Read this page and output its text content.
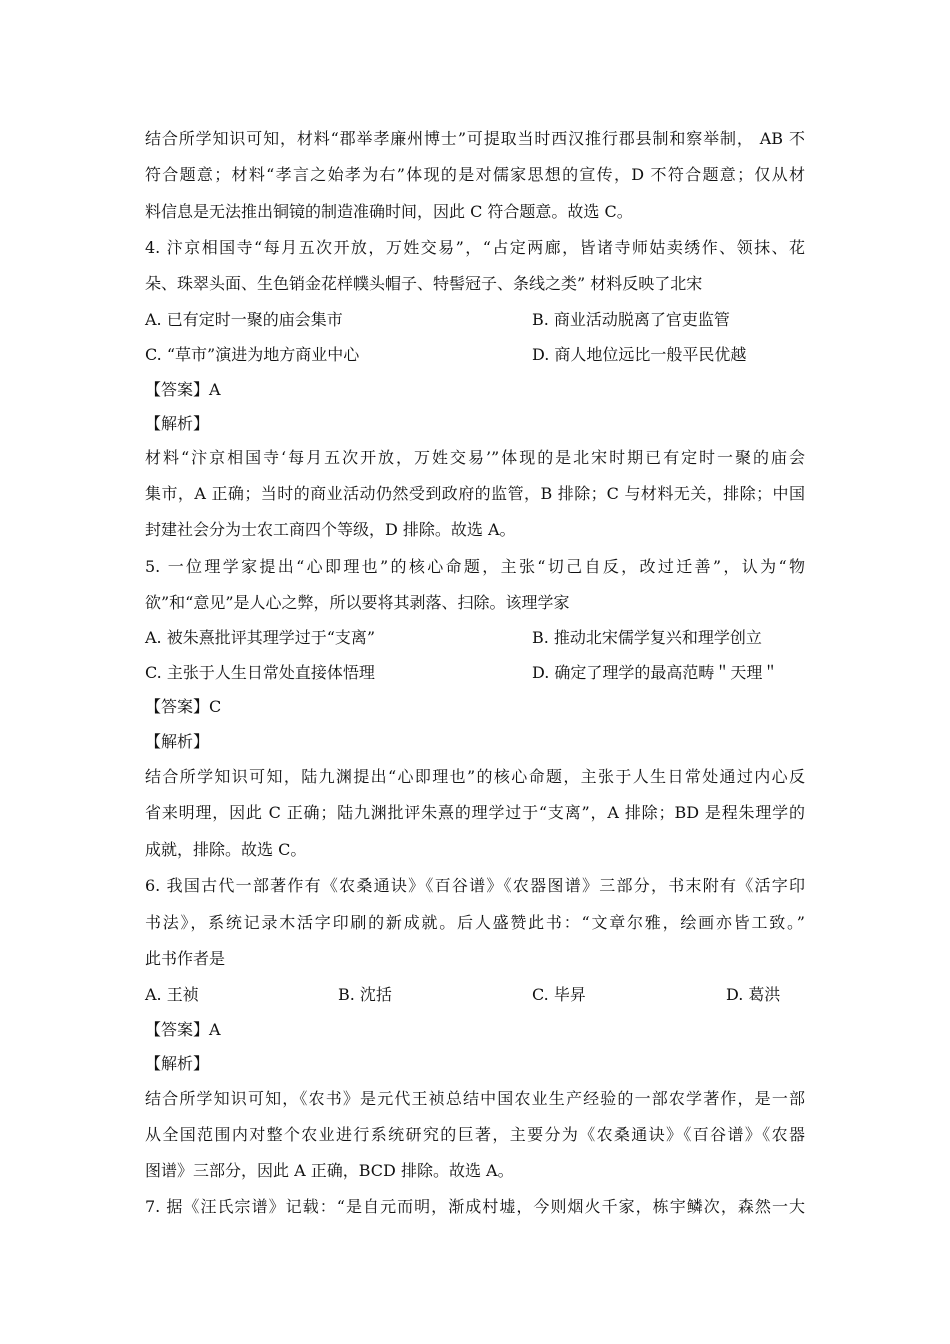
结合所学知识可知，材料“郡举孝廉州博士”可提取当时西汉推行郡县制和察举制， AB 不
符合题意；材料“孝言之始孝为右”体现的是对儒家思想的宣传，D 不符合题意；仅从材
料信息是无法推出铜镜的制造准确时间，因此 C 符合题意。故选 C。
4. 汴京相国寺“每月五次开放，万姓交易”，“占定两廊，皆诸寺师姑卖绣作、领抹、花
朵、珠翠头面、生色销金花样幞头帽子、特髻冠子、条线之类” 材料反映了北宋
A. 已有定时一聚的庙会集市	B. 商业活动脱离了官吏监管
C. “草市”演进为地方商业中心	D. 商人地位远比一般平民优越
【答案】A
【解析】
材料“汴京相国寺‘每月五次开放，万姓交易’”体现的是北宋时期已有定时一聚的庙会
集市，A 正确；当时的商业活动仍然受到政府的监管，B 排除；C 与材料无关，排除；中国
封建社会分为士农工商四个等级，D 排除。故选 A。
5. 一位理学家提出“心即理也”的核心命题，主张“切己自反，改过迁善”，认为“物
欲”和“意见”是人心之弊，所以要将其剥落、扫除。该理学家
A. 被朱熹批评其理学过于“支离”	B. 推动北宋儒学复兴和理学创立
C. 主张于人生日常处直接体悟理	D. 确定了理学的最高范畴＂天理＂
【答案】C
【解析】
结合所学知识可知，陆九渊提出“心即理也”的核心命题，主张于人生日常处通过内心反
省来明理，因此 C 正确；陆九渊批评朱熹的理学过于“支离”，A 排除；BD 是程朱理学的
成就，排除。故选 C。
6. 我国古代一部著作有《农桑通诀》《百谷谱》《农器图谱》三部分，书末附有《活字印
书法》，系统记录木活字印刷的新成就。后人盛赞此书：“文章尔雅，绘画亦皆工致。”
此书作者是
A. 王祯	B. 沈括	C. 毕昇	D. 葛洪
【答案】A
【解析】
结合所学知识可知，《农书》是元代王祯总结中国农业生产经验的一部农学著作，是一部
从全国范围内对整个农业进行系统研究的巨著，主要分为《农桑通诀》《百谷谱》《农器
图谱》三部分，因此 A 正确，BCD 排除。故选 A。
7. 据《汪氏宗谱》记载：“是自元而明，渐成村墟，今则烟火千家，栋宇鳞次，森然一大
